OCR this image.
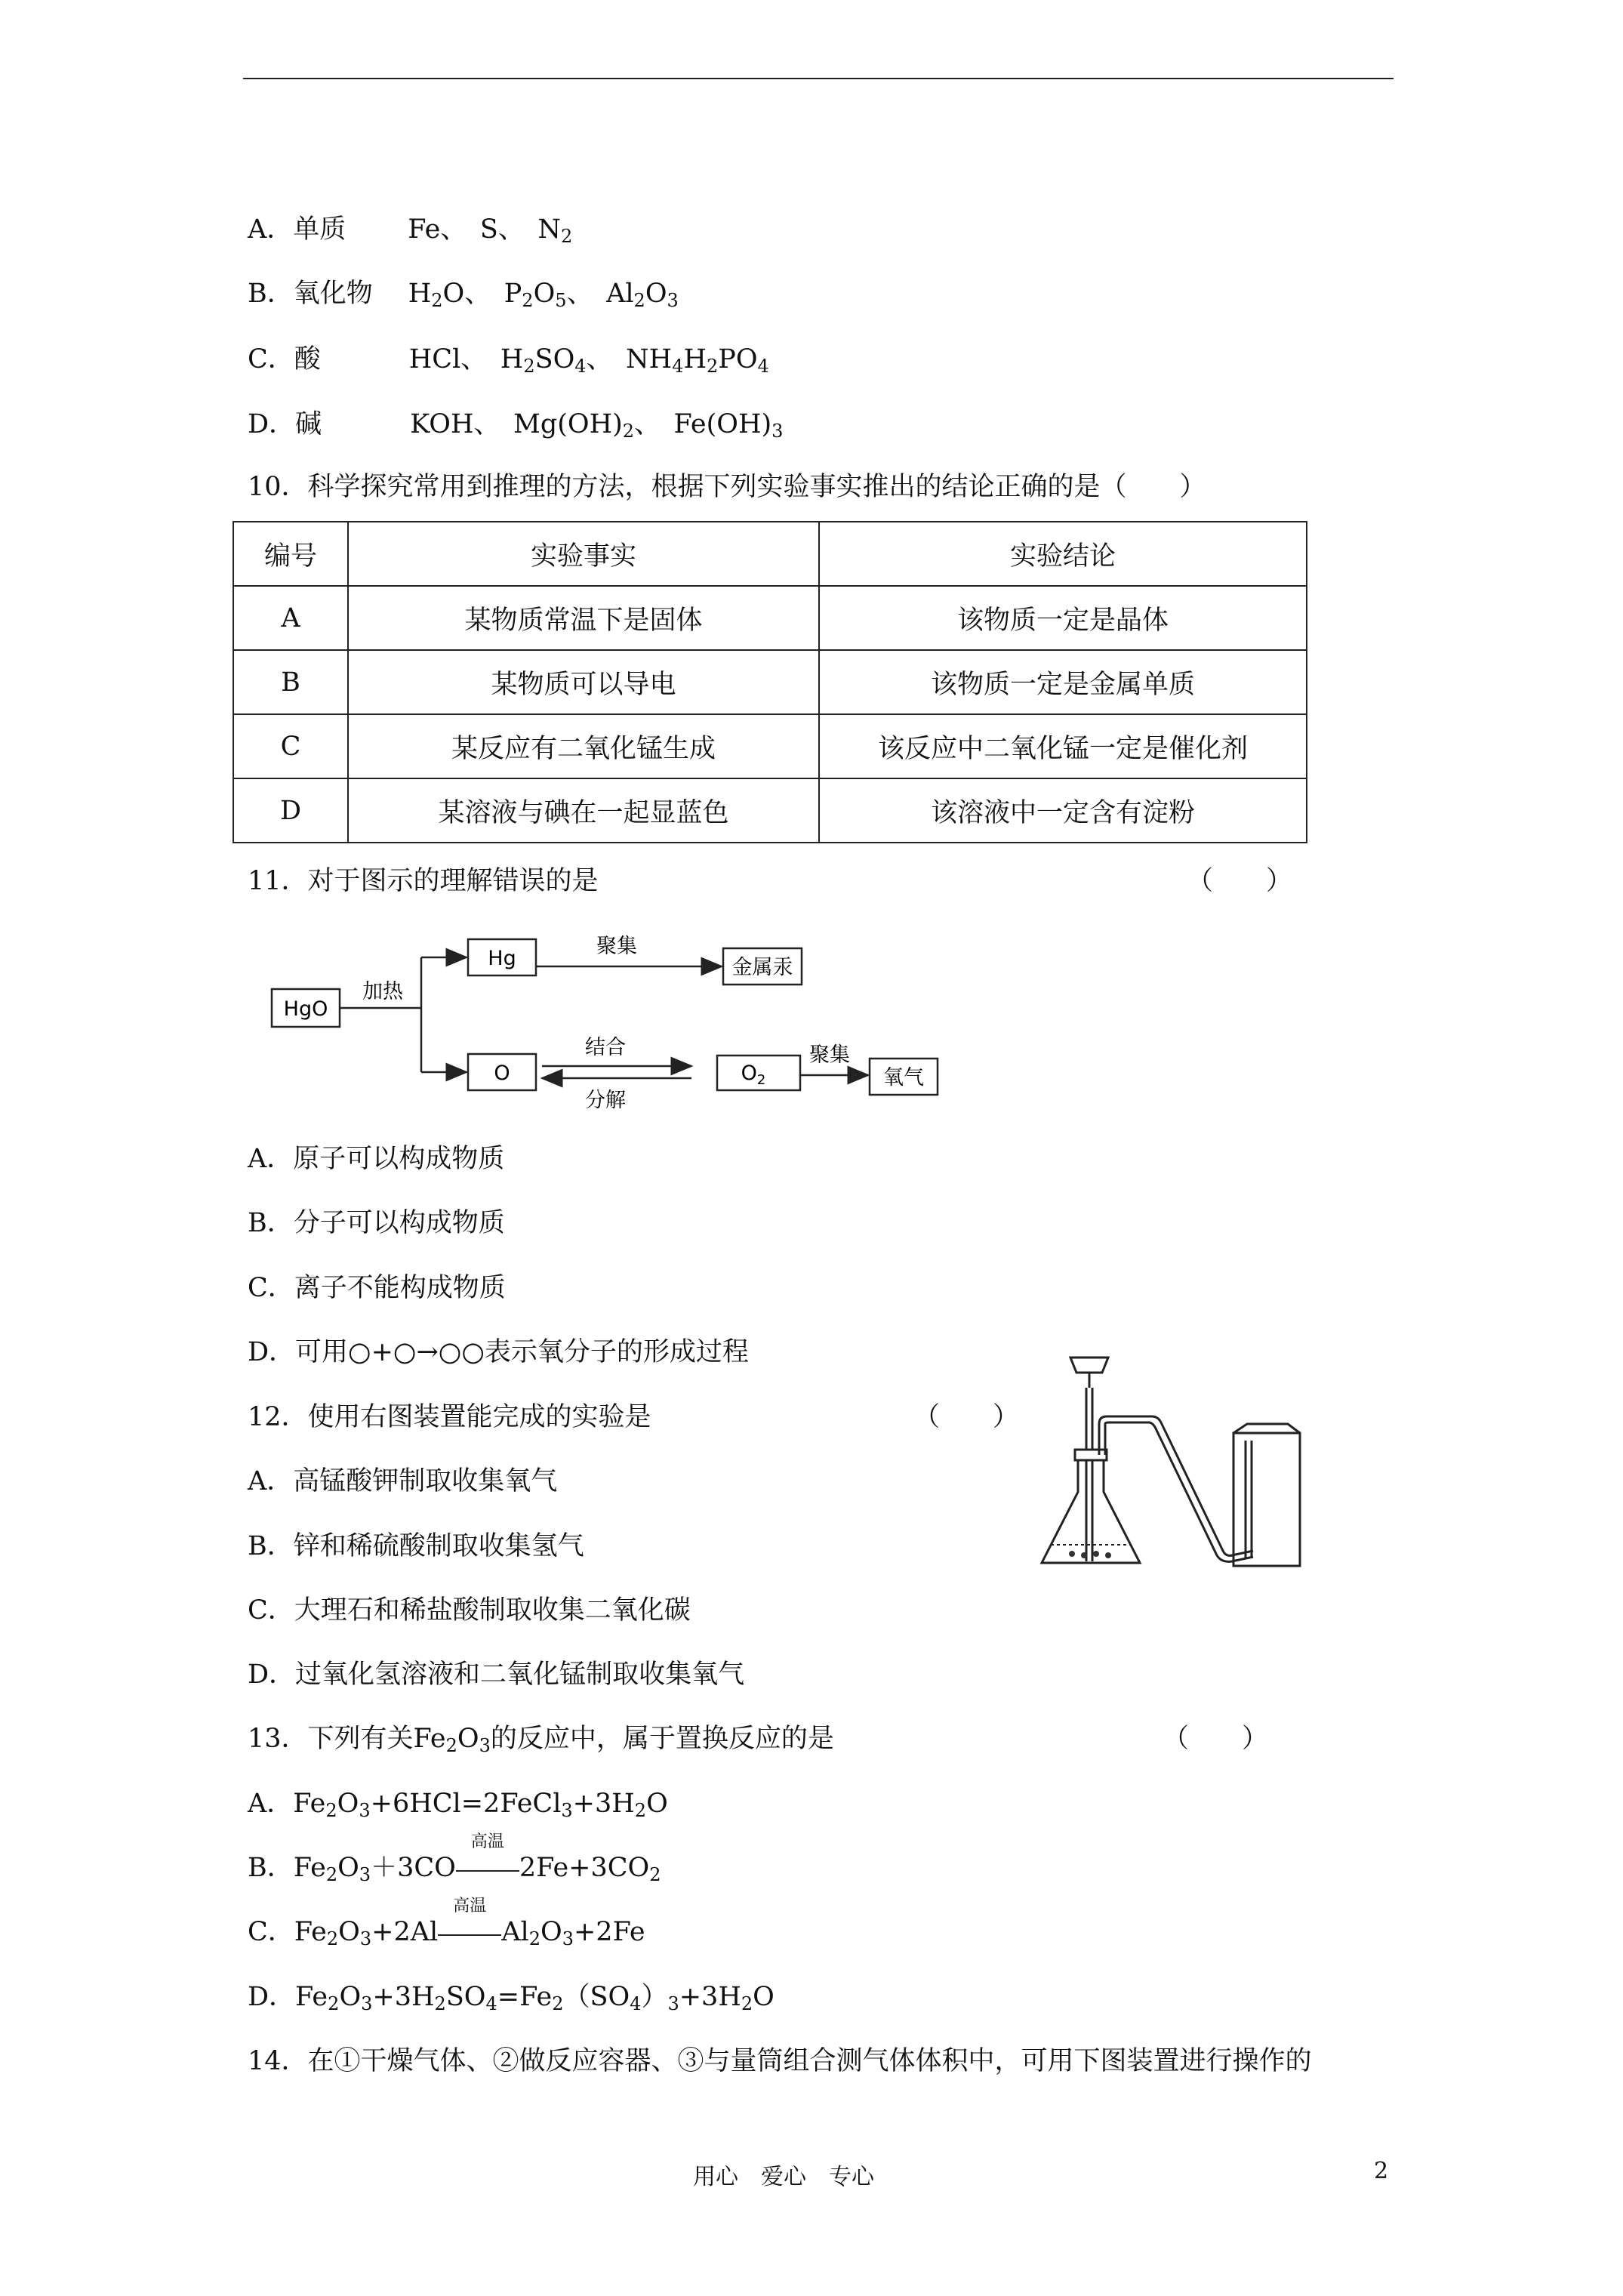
A．单质 Fe、　S、　$N_2$
B．氧化物 $H_2O$、　$P_2O_5$、　$Al_2O_3$
C．酸	HCl、　$H_2SO_4$、　$NH_4H_2PO_4$
D．碱	KOH、　$Mg(OH)_2$、　$Fe(OH)_3$
10．科学探究常用到推理的方法，根据下列实验事实推出的结论正确的是（　　）
编号	实验事实	实验结论
A	某物质常温下是固体	该物质一定是晶体
B	某物质可以导电	该物质一定是金属单质
C	某反应有二氧化锰生成	该反应中二氧化锰一定是催化剂
D	某溶液与碘在一起显蓝色	该溶液中一定含有淀粉
11．对于图示的理解错误的是	（　　）
HgO
加热
Hg
聚集
金属汞
O
结合
分解
$O_2$
聚集
氧气
A．原子可以构成物质
B．分子可以构成物质
C．离子不能构成物质
D．可用○+○→○○表示氧分子的形成过程
12．使用右图装置能完成的实验是	（　　）
A．高锰酸钾制取收集氧气
B．锌和稀硫酸制取收集氢气
C．大理石和稀盐酸制取收集二氧化碳
D．过氧化氢溶液和二氧化锰制取收集氧气
13．下列有关$Fe_2O_3$的反应中，属于置换反应的是	（　　）
A．$Fe_2O_3+6HCl=2FeCl_3+3H_2O$
B．$Fe_2O_3+3CO$
高温
$2Fe+3CO_2$
C．$Fe_2O_3+2Al$
高温
$Al_2O_3+2Fe$
D．$Fe_2O_3+3H_2SO_4=Fe_2(SO_4)_3+3H_2O$
14．在①干燥气体、②做反应容器、③与量筒组合测气体体积中，可用下图装置进行操作的
用心　爱心　专心	2
